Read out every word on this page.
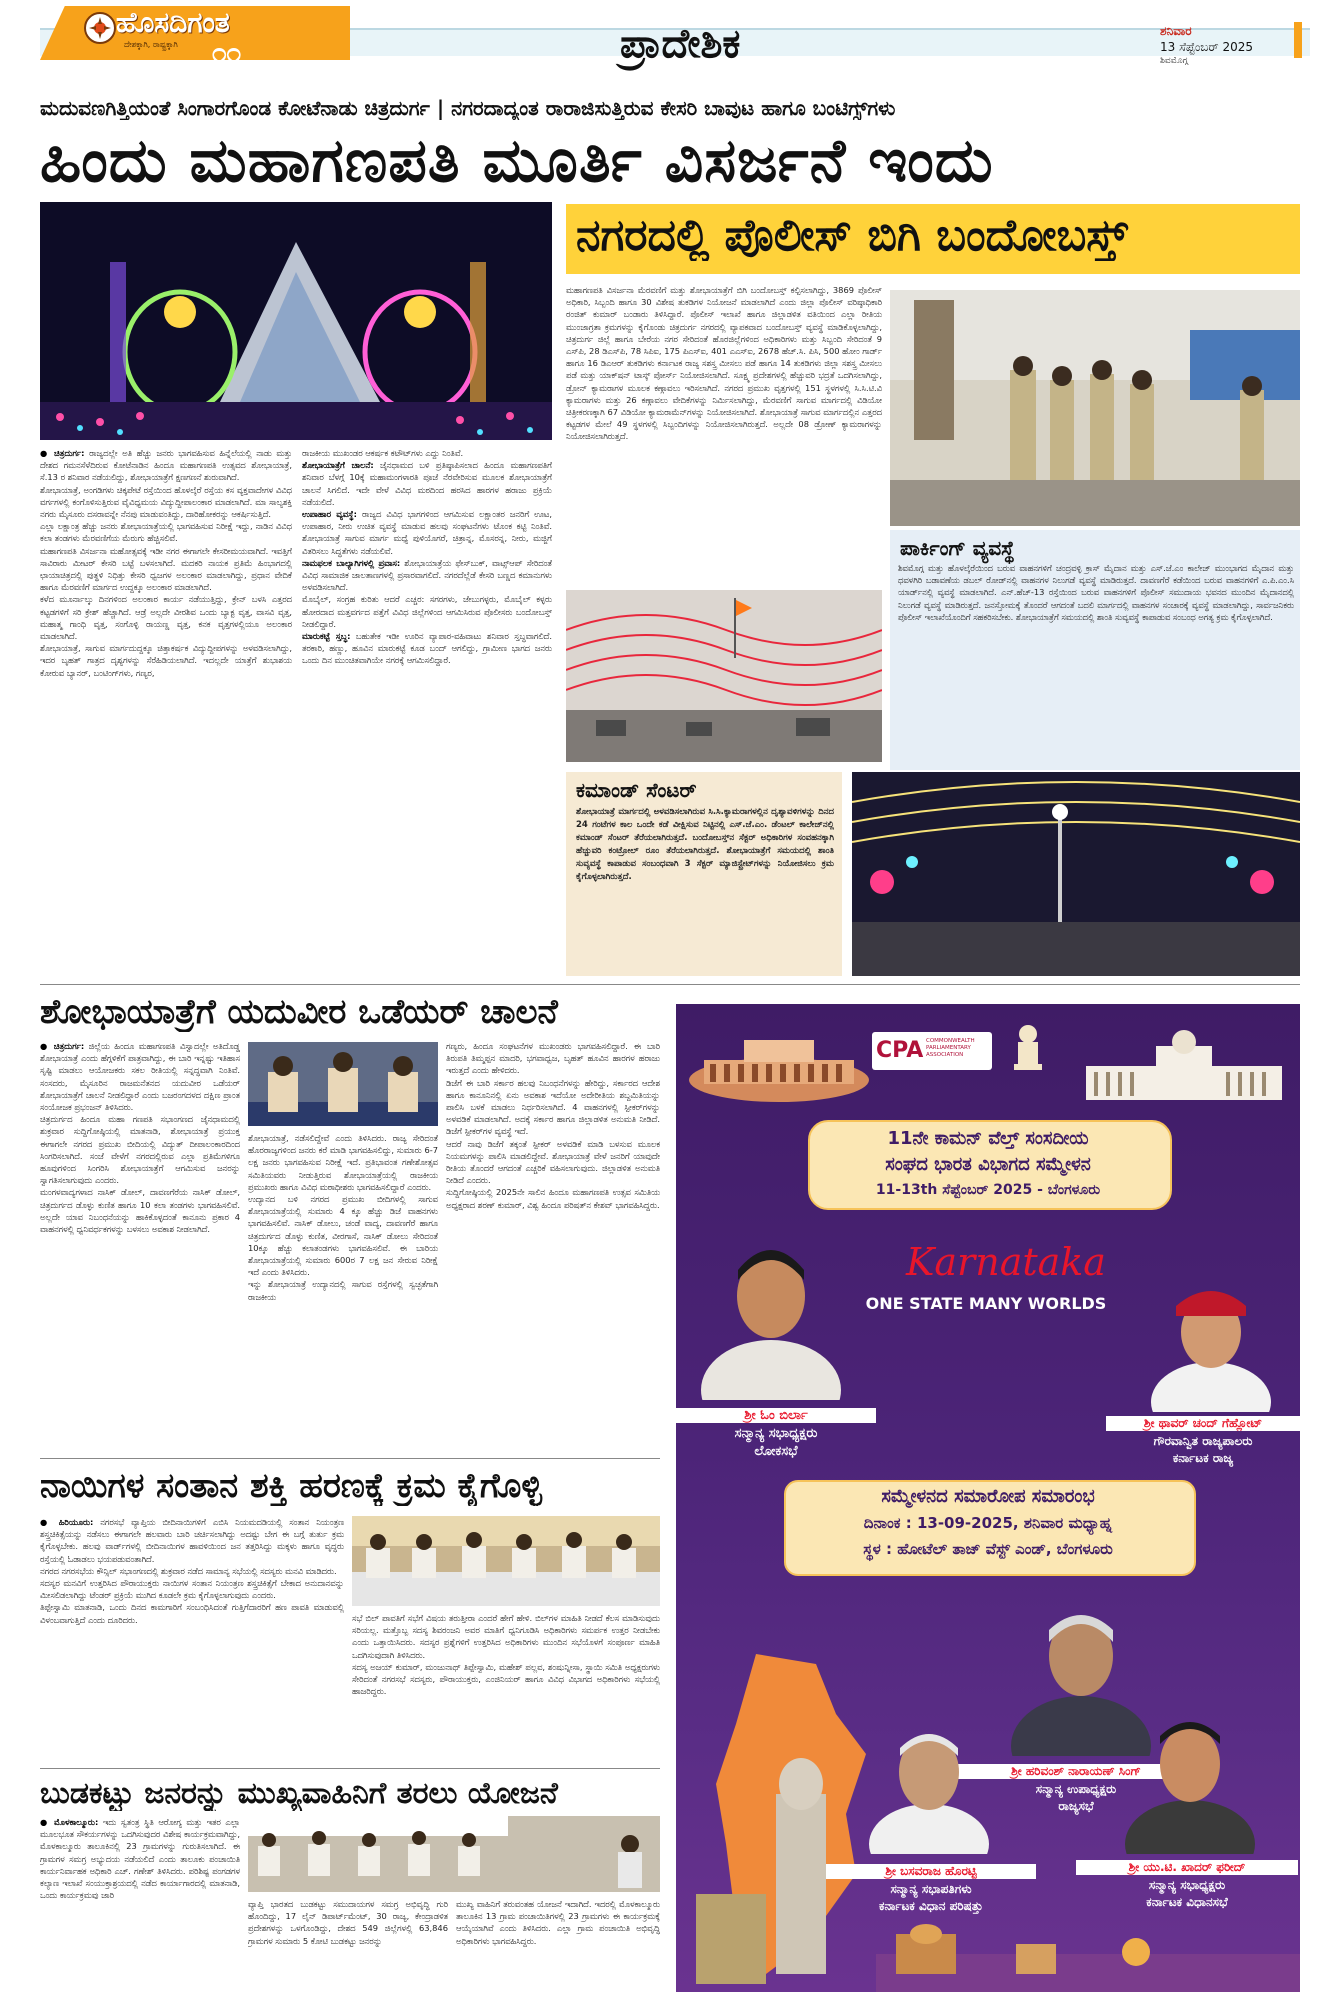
ಹೊಸದಿಗಂತ
ದೇಶಕ್ಕಾಗಿ, ರಾಷ್ಟ್ರಕ್ಕಾಗಿ ೧೧	ಪ್ರಾದೇಶಿಕ	ಶನಿವಾರ
13 ಸೆಪ್ಟೆಂಬರ್ 2025
ಶಿವಮೊಗ್ಗ
ಮದುವಣಗಿತ್ತಿಯಂತೆ ಸಿಂಗಾರಗೊಂಡ ಕೋಟೆನಾಡು ಚಿತ್ರದುರ್ಗ | ನಗರದಾದ್ಯಂತ ರಾರಾಜಿಸುತ್ತಿರುವ ಕೇಸರಿ ಬಾವುಟ ಹಾಗೂ ಬಂಟಿಗ್ಸ್‌ಗಳು
ಹಿಂದು ಮಹಾಗಣಪತಿ ಮೂರ್ತಿ ವಿಸರ್ಜನೆ ಇಂದು

● ಚಿತ್ರದುರ್ಗ: ರಾಜ್ಯದಲ್ಲೇ ಅತಿ ಹೆಚ್ಚು ಜನರು ಭಾಗವಹಿಸುವ ಹಿನ್ನೆಲೆಯಲ್ಲಿ ನಾಡು ಮತ್ತು ದೇಶದ ಗಮನಸೆಳೆದಿರುವ ಕೋಟೆನಾಡಿನ ಹಿಂದೂ ಮಹಾಗಣಪತಿ ಉತ್ಸವದ ಶೋಭಾಯಾತ್ರೆ, ಸೆ.13 ರ ಶನಿವಾರ ನಡೆಯಲಿದ್ದು, ಶೋಭಾಯಾತ್ರೆಗೆ ಕ್ಷಣಗಣನೆ ಶುರುವಾಗಿದೆ.
ಶೋಭಾಯಾತ್ರೆ, ಅಂಗಡಿಗಳು ಚಿಕ್ಕಪೇಟೆ ರಸ್ತೆಯಿಂದ ಹೊಳಲ್ಕೆರೆ ರಸ್ತೆಯ ಕಸ ವ್ಯಕ್ತವಾದೇಗಳ ವಿವಿಧ ವರ್ಗಗಳಲ್ಲಿ ಕಂಗೊಳಿಸುತ್ತಿರುವ ವೈವಿಧ್ಯಮಯ ವಿದ್ಯುದ್ದೀಪಾಲಂಕಾರ ಮಾಡಲಾಗಿದೆ. ಮಾ ಸಾಲ್ಯಶಕ್ತಿ ನಗರು ಮೈಸೂರು ದಸರಾವನ್ನೇ ನೆನಪು ಮಾಡುವಂತಿದ್ದು, ದಾರಿಹೋಕರನ್ನು ಆಕರ್ಷಿಸುತ್ತಿದೆ.
ಎಲ್ಲಾ ಲಕ್ಷಾಂತ್ರ ಹೆಚ್ಚು ಜನರು ಶೋಭಾಯಾತ್ರೆಯಲ್ಲಿ ಭಾಗವಹಿಸುವ ನಿರೀಕ್ಷೆ ಇದ್ದು, ನಾಡಿನ ವಿವಿಧ ಕಲಾ ತಂಡಗಳು ಮೆರವಣಿಗೆಯ ಮೆರುಗು ಹೆಚ್ಚಿಸಲಿವೆ.
ಮಹಾಗಣಪತಿ ವಿಸರ್ಜನಾ ಮಹೋತ್ಸವಕ್ಕೆ ಇಡೀ ನಗರ ಈಗಾಗಲೇ ಕೇಸರೀಮಯವಾಗಿದೆ. ಇವತ್ತಿಗೆ ಸಾವಿರಾರು ಮೀಟರ್ ಕೇಸರಿ ಬಟ್ಟೆ ಬಳಸಲಾಗಿದೆ. ಮದಕರಿ ನಾಯಕ ಪ್ರತಿಮೆ ಹಿಂಭಾಗದಲ್ಲಿ ಛಾಯಾಚಿತ್ರದಲ್ಲಿ ಪುತ್ಥಳಿ ನಿಧಿತ್ತು ಕೇಸರಿ ಧ್ವಜಗಳ ಅಲಂಕಾರ ಮಾಡಲಾಗಿದ್ದು, ಪ್ರಧಾನ ವೇದಿಕೆ ಹಾಗೂ ಮೆರವಣಿಗೆ ಮಾರ್ಗದ ಉದ್ದಕ್ಕೂ ಅಲಂಕಾರ ಮಾಡಲಾಗಿದೆ.
ಕಳೆದ ಮೂರ್ನಾಲ್ಕು ದಿನಗಳಿಂದ ಅಲಂಕಾರ ಕಾರ್ಯ ನಡೆಯುತ್ತಿದ್ದು, ಕ್ರೇನ್ ಬಳಸಿ ಎತ್ತರದ ಕಟ್ಟಡಗಳಿಗೆ ಸರಿ ಕ್ರೇಶ್ ಹೆಚ್ಚಾಗಿದೆ. ಆಡ್ರೆ ಅಲ್ಲದೇ ವೀರಶಿವ ಒಂದು ಬ್ಯಾಕ್ಟ ವೃತ್ತ, ವಾಸವಿ ವೃತ್ತ, ಮಹಾತ್ಮ ಗಾಂಧಿ ವೃತ್ತ, ಸಂಗೊಳ್ಳಿ ರಾಯಣ್ಣ ವೃತ್ತ, ಕನಕ ವೃತ್ತಗಳಲ್ಲಿಯೂ ಅಲಂಕಾರ ಮಾಡಲಾಗಿದೆ.
ಶೋಭಾಯಾತ್ರೆ, ಸಾಗುವ ಮಾರ್ಗದುದ್ದಕ್ಕೂ ಚಿತ್ತಾಕರ್ಷಕ ವಿದ್ಯುದ್ದೀಪಗಳನ್ನು ಅಳವಡಿಸಲಾಗಿದ್ದು, ಇದರ ಬೃಹತ್ ಗಾತ್ರದ ದೃಶ್ಯಗಳನ್ನು ಸೆರೆಹಿಡಿಯಲಾಗಿದೆ. ಇದಲ್ಲದೇ ಯಾತ್ರೆಗೆ ಶುಭಾಶಯ ಕೋರುವ ಬ್ಯಾನರ್, ಬಂಟಿಂಗ್‌ಗಳು, ಗಣ್ಯರ,

ರಾಜಕೀಯ ಮುಖಂಡರ ಆಕರ್ಷಕ ಕಟೌಟ್‌ಗಳು ಎದ್ದು ನಿಂತಿವೆ.
ಶೋಭಾಯಾತ್ರೆಗೆ ಚಾಲನೆ: ಜೈನಧಾಮದ ಬಳಿ ಪ್ರತಿಷ್ಠಾಪಿಸಲಾದ ಹಿಂದೂ ಮಹಾಗಣಪತಿಗೆ ಶನಿವಾರ ಬೆಳಗ್ಗೆ 10ಕ್ಕೆ ಮಹಾಮಂಗಳಾರತಿ ಪೂಜೆ ನೆರವೇರಿಸುವ ಮೂಲಕ ಶೋಭಾಯಾತ್ರೆಗೆ ಚಾಲನೆ ಸಿಗಲಿದೆ. ಇದೇ ವೇಳೆ ವಿವಿಧ ಮಠದಿಂದ ಹರಸಿದ ಹಾರಗಳ ಹರಾಜು ಪ್ರಕ್ರಿಯೆ ನಡೆಯಲಿದೆ.
ಉಪಾಹಾರ ವ್ಯವಸ್ಥೆ: ರಾಜ್ಯದ ವಿವಿಧ ಭಾಗಗಳಿಂದ ಆಗಮಿಸುವ ಲಕ್ಷಾಂತರ ಜನರಿಗೆ ಊಟ, ಉಪಾಹಾರ, ನೀರು ಉಚಿತ ವ್ಯವಸ್ಥೆ ಮಾಡುವ ಹಲವು ಸಂಘಟನೆಗಳು ಟೊಂಕ ಕಟ್ಟಿ ನಿಂತಿವೆ. ಶೋಭಾಯಾತ್ರೆ ಸಾಗುವ ಮಾರ್ಗ ಮಧ್ಯೆ ಪುಳಿಯೊಗರೆ, ಚಿತ್ರಾನ್ನ, ಮೊಸರನ್ನ, ನೀರು, ಮಜ್ಜಿಗೆ ವಿತರಿಸಲು ಸಿದ್ಧತೆಗಳು ನಡೆಯಲಿವೆ.
ನಾಮಫಲಕ ಬಾಲ್ಯಾಗಿಗಳಲ್ಲಿ ಪ್ರವಾಸ: ಶೋಭಾಯಾತ್ರೆಯ ಫೇಸ್‌ಬುಕ್, ವಾಟ್ಸ್‌ಆಪ್ ಸೇರಿದಂತೆ ವಿವಿಧ ಸಾಮಾಜಿಕ ಜಾಲತಾಣಗಳಲ್ಲಿ ಪ್ರಸಾರವಾಗಲಿದೆ. ನಗರದೆಲ್ಲೆಡೆ ಕೇಸರಿ ಬಣ್ಣದ ಕಮಾನುಗಳು ಅಳವಡಿಸಲಾಗಿದೆ.
ಮೊಬೈಲ್, ಸಂಗ್ರಹ ಕುರಿತು ಆದರೆ ಎಚ್ಚರ: ಸಗರಗಳು, ಜೇಬುಗಳ್ಳರು, ಮೊಬೈಲ್ ಕಳ್ಳರು ಹೋರದಾದ ಮತ್ತವರ್ಗದ ಪತ್ತೆಗೆ ವಿವಿಧ ಜಿಲ್ಲೆಗಳಿಂದ ಆಗಮಿಸಿರುವ ಪೊಲೀಸರು ಬಂದೋಬಸ್ತ್‌ ನೀಡಲಿದ್ದಾರೆ.
ಮಾರುಕಟ್ಟೆ ಸ್ತಬ್ಧ: ಬಹುತೇಕ ಇಡೀ ಊರಿನ ವ್ಯಾಪಾರ-ವಹಿವಾಟು ಶನಿವಾರ ಸ್ತಬ್ಧವಾಗಲಿದೆ. ತರಕಾರಿ, ಹಣ್ಣು, ಹೂವಿನ ಮಾರುಕಟ್ಟೆ ಕೂಡ ಬಂದ್ ಆಗಲಿದ್ದು, ಗ್ರಾಮೀಣ ಭಾಗದ ಜನರು ಒಂದು ದಿನ ಮುಂಚಿತವಾಗಿಯೇ ನಗರಕ್ಕೆ ಆಗಮಿಸಲಿದ್ದಾರೆ.

ನಗರದಲ್ಲಿ ಪೊಲೀಸ್ ಬಿಗಿ ಬಂದೋಬಸ್ತ್

ಮಹಾಗಣಪತಿ ವಿಸರ್ಜನಾ ಮೆರವಣಿಗೆ ಮತ್ತು ಶೋಭಾಯಾತ್ರೆಗೆ ಬಿಗಿ ಬಂದೋಬಸ್ತ್ ಕಲ್ಪಿಸಲಾಗಿದ್ದು, 3869 ಪೊಲೀಸ್ ಅಧಿಕಾರಿ, ಸಿಬ್ಬಂದಿ ಹಾಗೂ 30 ವಿಶೇಷ ತುಕಡಿಗಳ ನಿಯೋಜನೆ ಮಾಡಲಾಗಿದೆ ಎಂದು ಜಿಲ್ಲಾ ಪೊಲೀಸ್ ವರಿಷ್ಠಾಧಿಕಾರಿ ರಂಜಿತ್ ಕುಮಾರ್ ಬಂಡಾರು ತಿಳಿಸಿದ್ದಾರೆ. ಪೊಲೀಸ್ ಇಲಾಖೆ ಹಾಗೂ ಜಿಲ್ಲಾಡಳಿತ ವತಿಯಿಂದ ಎಲ್ಲಾ ರೀತಿಯ ಮುಂಜಾಗ್ರತಾ ಕ್ರಮಗಳನ್ನು ಕೈಗೊಂಡು ಚಿತ್ರದುರ್ಗ ನಗರದಲ್ಲಿ ವ್ಯಾಪಕವಾದ ಬಂದೋಬಸ್ತ್ ವ್ಯವಸ್ಥೆ ಮಾಡಿಕೊಳ್ಳಲಾಗಿದ್ದು, ಚಿತ್ರದುರ್ಗ ಜಿಲ್ಲೆ ಹಾಗೂ ಬೇರೆಯ ನಗರ ಸೇರಿದಂತೆ ಹೊರಜಿಲ್ಲೆಗಳಿಂದ ಅಧಿಕಾರಿಗಳು ಮತ್ತು ಸಿಬ್ಬಂದಿ ಸೇರಿದಂತೆ 9 ಎಸ್‌ಪಿ, 28 ಡಿಎಸ್‌ಪಿ, 78 ಸಿಪಿಐ, 175 ಪಿಎಸ್‌ಐ, 401 ಎಎಸ್‌ಐ, 2678 ಹೆಚ್.ಸಿ. ಪಿಸಿ, 500 ಹೋಂ ಗಾರ್ಡ್ ಹಾಗೂ 16 ಡಿಎಆರ್ ತುಕಡಿಗಳು ಕರ್ನಾಟಕ ರಾಜ್ಯ ಸಶಸ್ತ್ರ ಮೀಸಲು ಪಡೆ ಹಾಗೂ 14 ತುಕಡಿಗಳು ಜಿಲ್ಲಾ ಸಶಸ್ತ್ರ ಮೀಸಲು ಪಡೆ ಮತ್ತು ಯಾಕ್‌ಷನ್ ಟಾಸ್ಕ್ ಪೋರ್ಸ್ ನಿಯೋಜಿಸಲಾಗಿದೆ. ಸೂಕ್ಷ್ಮ ಪ್ರದೇಶಗಳಲ್ಲಿ ಹೆಚ್ಚುವರಿ ಭದ್ರತೆ ಒದಗಿಸಲಾಗಿದ್ದು, ಡ್ರೋನ್ ಕ್ಯಾಮರಾಗಳ ಮೂಲಕ ಕಣ್ಗಾವಲು ಇರಿಸಲಾಗಿದೆ. ನಗರದ ಪ್ರಮುಖ ವೃತ್ತಗಳಲ್ಲಿ 151 ಸ್ಥಳಗಳಲ್ಲಿ ಸಿ.ಸಿ.ಟಿ.ವಿ ಕ್ಯಾಮರಾಗಳು ಮತ್ತು 26 ಕಣ್ಗಾವಲು ವೇದಿಕೆಗಳನ್ನು ನಿರ್ಮಿಸಲಾಗಿದ್ದು, ಮೆರವಣಿಗೆ ಸಾಗುವ ಮಾರ್ಗದಲ್ಲಿ ವಿಡಿಯೋ ಚಿತ್ರೀಕರಣಕ್ಕಾಗಿ 67 ವಿಡಿಯೋ ಕ್ಯಾಮರಾಮೆನ್‌ಗಳನ್ನು ನಿಯೋಜಿಸಲಾಗಿದೆ. ಶೋಭಾಯಾತ್ರೆ ಸಾಗುವ ಮಾರ್ಗದಲ್ಲಿನ ಎತ್ತರದ ಕಟ್ಟಡಗಳ ಮೇಲೆ 49 ಸ್ಥಳಗಳಲ್ಲಿ ಸಿಬ್ಬಂದಿಗಳನ್ನು ನಿಯೋಜಿಸಲಾಗಿರುತ್ತದೆ. ಅಲ್ಲದೇ 08 ಡ್ರೋಣ್ ಕ್ಯಾಮರಾಗಳನ್ನು ನಿಯೋಜಿಸಲಾಗಿರುತ್ತದೆ.

ಪಾರ್ಕಿಂಗ್ ವ್ಯವಸ್ಥೆ

ಶಿವಮೊಗ್ಗ ಮತ್ತು ಹೊಳಲ್ಕೆರೆಯಿಂದ ಬರುವ ವಾಹನಗಳಿಗೆ ಚಂದ್ರವಳ್ಳಿ ಕ್ರಾಸ್ ಮೈದಾನ ಮತ್ತು ಎಸ್.ಜೆ.ಎಂ ಕಾಲೇಜ್ ಮುಂಭಾಗದ ಮೈದಾನ ಮತ್ತು ಧವಳಗಿರಿ ಬಡಾವಣೆಯ ಡಬಲ್ ರೋಡ್‌ನಲ್ಲಿ ವಾಹನಗಳ ನಿಲುಗಡೆ ವ್ಯವಸ್ಥೆ ಮಾಡಿರುತ್ತದೆ. ದಾವಣಗೆರೆ ಕಡೆಯಿಂದ ಬರುವ ವಾಹನಗಳಿಗೆ ಎ.ಪಿ.ಎಂ.ಸಿ ಯಾರ್ಡ್‌ನಲ್ಲಿ ವ್ಯವಸ್ಥೆ ಮಾಡಲಾಗಿದೆ. ಎನ್.ಹೆಚ್-13 ರಸ್ತೆಯಿಂದ ಬರುವ ವಾಹನಗಳಿಗೆ ಪೊಲೀಸ್ ಸಮುದಾಯ ಭವನದ ಮುಂದಿನ ಮೈದಾನದಲ್ಲಿ ನಿಲುಗಡೆ ವ್ಯವಸ್ಥೆ ಮಾಡಿರುತ್ತದೆ. ಜನಸ್ತೋಮಕ್ಕೆ ತೊಂದರೆ ಆಗದಂತೆ ಬದಲಿ ಮಾರ್ಗದಲ್ಲಿ ವಾಹನಗಳ ಸಂಚಾರಕ್ಕೆ ವ್ಯವಸ್ಥೆ ಮಾಡಲಾಗಿದ್ದು, ಸಾರ್ವಜನಿಕರು ಪೊಲೀಸ್ ಇಲಾಖೆಯೊಂದಿಗೆ ಸಹಕರಿಸಬೇಕು. ಶೋಭಾಯಾತ್ರೆಗೆ ಸಮಯದಲ್ಲಿ ಶಾಂತಿ ಸುವ್ಯವಸ್ಥೆ ಕಾಪಾಡುವ ಸಂಬಂಧ ಅಗತ್ಯ ಕ್ರಮ ಕೈಗೊಳ್ಳಲಾಗಿದೆ.

ಕಮಾಂಡ್ ಸೆಂಟರ್

ಶೋಭಾಯಾತ್ರೆ ಮಾರ್ಗದಲ್ಲಿ ಅಳವಡಿಸಲಾಗಿರುವ ಸಿ.ಸಿ.ಕ್ಯಾಮರಾಗಳಲ್ಲಿನ ದೃಶ್ಯಾವಳಿಗಳನ್ನು ದಿನದ 24 ಗಂಟೆಗಳ ಕಾಲ ಒಂದೇ ಕಡೆ ವೀಕ್ಷಿಸುವ ನಿಟ್ಟಿನಲ್ಲಿ ಎಸ್.ಜೆ.ಎಂ. ಡೆಂಟಲ್ ಕಾಲೇಜ್‌ನಲ್ಲಿ ಕಮಾಂಡ್ ಸೆಂಟರ್ ತೆರೆಯಲಾಗಿರುತ್ತದೆ. ಬಂದೋಬಸ್ತ್‌ನ ಸೆಕ್ಟರ್ ಅಧಿಕಾರಿಗಳ ಸಂವಹನಕ್ಕಾಗಿ ಹೆಚ್ಚುವರಿ ಕಂಟ್ರೋಲ್ ರೂಂ ತೆರೆಯಲಾಗಿರುತ್ತದೆ. ಶೋಭಾಯಾತ್ರೆಗೆ ಸಮಯದಲ್ಲಿ ಶಾಂತಿ ಸುವ್ಯವಸ್ಥೆ ಕಾಪಾಡುವ ಸಂಬಂಧವಾಗಿ 3 ಸೆಕ್ಟರ್ ಮ್ಯಾಜಿಸ್ಟ್ರೇಟ್‌ಗಳನ್ನು ನಿಯೋಜಿಸಲು ಕ್ರಮ ಕೈಗೊಳ್ಳಲಾಗಿರುತ್ತದೆ.

ಶೋಭಾಯಾತ್ರೆಗೆ ಯದುವೀರ ಒಡೆಯರ್ ಚಾಲನೆ

● ಚಿತ್ರದುರ್ಗ: ಜಿಲ್ಲೆಯ ಹಿಂದೂ ಮಹಾಗಣಪತಿ ವಿಸ್ವಾದಲ್ಲೇ ಅತಿದೊಡ್ಡ ಶೋಭಾಯಾತ್ರೆ ಎಂದು ಹೆಗ್ಗಳಿಕೆಗೆ ಪಾತ್ರವಾಗಿದ್ದು, ಈ ಬಾರಿ ಇನ್ನಷ್ಟು ಇತಿಹಾಸ ಸೃಷ್ಟಿ ಮಾಡಲು ಆಯೋಜಕರು ಸಕಲ ರೀತಿಯಲ್ಲಿ ಸನ್ನದ್ಧವಾಗಿ ನಿಂತಿವೆ. ಸಂಸದರು, ಮೈಸೂರಿನ ರಾಜಮನೆತನದ ಯದುವೀರ ಒಡೆಯರ್ ಶೋಭಾಯಾತ್ರೆಗೆ ಚಾಲನೆ ನೀಡಲಿದ್ದಾರೆ ಎಂದು ಬಜರಂಗದಳದ ದಕ್ಷಿಣ ಪ್ರಾಂತ ಸಂಯೋಜಕ ಪ್ರಭಂಜನ್ ತಿಳಿಸಿದರು.
ಚಿತ್ರದುರ್ಗದ ಹಿಂದೂ ಮಹಾ ಗಣಪತಿ ಸಭಾಂಗಣದ ಜೈನಧಾಮದಲ್ಲಿ ಶುಕ್ರವಾರ ಸುದ್ದಿಗೋಷ್ಠಿಯಲ್ಲಿ ಮಾತನಾಡಿ, ಶೋಭಾಯಾತ್ರೆ ಪ್ರಯುಕ್ತ ಈಗಾಗಲೇ ನಗರದ ಪ್ರಮುಖ ಬೀದಿಯಲ್ಲಿ ವಿದ್ಯುತ್ ದೀಪಾಲಂಕಾರದಿಂದ ಸಿಂಗರಿಸಲಾಗಿದೆ. ಸಂಜೆ ವೇಳೆಗೆ ನಗರದಲ್ಲಿರುವ ಎಲ್ಲಾ ಪ್ರತಿಮೆಗಳಿಗೂ ಹೂವುಗಳಿಂದ ಸಿಂಗರಿಸಿ ಶೋಭಾಯಾತ್ರೆಗೆ ಆಗಮಿಸುವ ಜನರನ್ನು ಸ್ವಾಗತಿಸಲಾಗುವುದು ಎಂದರು.
ಮಂಗಳವಾದ್ಯಗಳಾದ ನಾಸಿಕ್ ಡೋಲ್, ದಾವಣಗೆರೆಯ ನಾಸಿಕ್ ಡೋಲ್, ಚಿತ್ರದುರ್ಗದ ಡೊಳ್ಳು ಕುಣಿತ ಹಾಗೂ 10 ಕಲಾ ತಂಡಗಳು ಭಾಗವಹಿಸಲಿವೆ. ಅಲ್ಲದೇ ಯಾವ ನಿಬಂಧನೆಯನ್ನು ಹಾಕಿಕೊಳ್ಳದಂತೆ ಕಾನೂನು ಪ್ರಕಾರ 4 ವಾಹನಗಳಲ್ಲಿ ಧ್ವನಿವರ್ಧಕಗಳನ್ನು ಬಳಸಲು ಅವಕಾಶ ನೀಡಲಾಗಿದೆ.

ಶೋಭಾಯಾತ್ರೆ, ನಡೆಸಲಿದ್ದೇವೆ ಎಂದು ತಿಳಿಸಿದರು. ರಾಜ್ಯ ಸೇರಿದಂತೆ ಹೊರರಾಜ್ಯಗಳಿಂದ ಜನರು ಕರೆ ಮಾಡಿ ಭಾಗವಹಿಸಲಿದ್ದು, ಸುಮಾರು 6-7 ಲಕ್ಷ ಜನರು ಭಾಗವಹಿಸುವ ನಿರೀಕ್ಷೆ ಇದೆ. ಪ್ರತಿಭಾವಂತ ಗಣೇಶೋತ್ಸವ ಸಮಿತಿಯವರು ನೀಡುತ್ತಿರುವ ಶೋಭಾಯಾತ್ರೆಯಲ್ಲಿ ರಾಜಕೀಯ ಪ್ರಮುಖರು ಹಾಗೂ ವಿವಿಧ ಮಠಾಧೀಶರು ಭಾಗವಹಿಸಲಿದ್ದಾರೆ ಎಂದರು.
ಉದ್ಯಾನದ ಬಳಿ ನಗರದ ಪ್ರಮುಖ ಬೀದಿಗಳಲ್ಲಿ ಸಾಗುವ ಶೋಭಾಯಾತ್ರೆಯಲ್ಲಿ ಸುಮಾರು 4 ಕ್ಕೂ ಹೆಚ್ಚು ಡಿಜೆ ವಾಹನಗಳು ಭಾಗವಹಿಸಲಿವೆ. ನಾಸಿಕ್ ಡೋಲು, ಚಂಡೆ ವಾದ್ಯ, ದಾವಣಗೆರೆ ಹಾಗೂ ಚಿತ್ರದುರ್ಗದ ಡೊಳ್ಳು ಕುಣಿತ, ವೀರಗಾಸೆ, ನಾಸಿಕ್ ಡೋಲು ಸೇರಿದಂತೆ 10ಕ್ಕೂ ಹೆಚ್ಚು ಕಲಾತಂಡಗಳು ಭಾಗವಹಿಸಲಿವೆ. ಈ ಬಾರಿಯ ಶೋಭಾಯಾತ್ರೆಯಲ್ಲಿ ಸುಮಾರು 600ರ 7 ಲಕ್ಷ ಜನ ಸೇರುವ ನಿರೀಕ್ಷೆ ಇದೆ ಎಂದು ತಿಳಿಸಿದರು.
ಇನ್ನು ಶೋಭಾಯಾತ್ರೆ ಉದ್ಯಾನದಲ್ಲಿ ಸಾಗುವ ರಸ್ತೆಗಳಲ್ಲಿ ಸ್ವಚ್ಛತೆಗಾಗಿ ರಾಜಕೀಯ

ಗಣ್ಯರು, ಹಿಂದೂ ಸಂಘಟನೆಗಳ ಮುಖಂಡರು ಭಾಗವಹಿಸಲಿದ್ದಾರೆ. ಈ ಬಾರಿ ತಿರುಪತಿ ತಿಮ್ಮಪ್ಪನ ಮಾದರಿ, ಭಗವಾಧ್ವಜ, ಬೃಹತ್ ಹೂವಿನ ಹಾರಗಳ ಹರಾಜು ಇರುತ್ತದೆ ಎಂದು ಹೇಳಿದರು.
ಡಿಜೆಗೆ ಈ ಬಾರಿ ಸರ್ಕಾರ ಹಲವು ನಿಬಂಧನೆಗಳನ್ನು ಹೇರಿದ್ದು, ಸರ್ಕಾರದ ಆದೇಶ ಹಾಗೂ ಕಾನೂನಿನಲ್ಲಿ ಏನು ಅವಕಾಶ ಇದೆಯೋ ಅದೇರೀತಿಯ ಶಬ್ದಮಿತಿಯನ್ನು ಪಾಲಿಸಿ ಬಳಕೆ ಮಾಡಲು ನಿರ್ಧರಿಸಲಾಗಿದೆ. 4 ವಾಹನಗಳಲ್ಲಿ ಸ್ಪೀಕರ್‌ಗಳನ್ನು ಅಳವಡಿಕೆ ಮಾಡಲಾಗಿದೆ. ಅದಕ್ಕೆ ಸರ್ಕಾರ ಹಾಗೂ ಜಿಲ್ಲಾಡಳಿತ ಅನುಮತಿ ನೀಡಿದೆ. ಡಿಜೆಗೆ ಸ್ಪೀಕರ್‌ಗಳ ವ್ಯವಸ್ಥೆ ಇದೆ.
ಆದರೆ ನಾವು ಡಿಜೆಗೆ ತಕ್ಕಂತೆ ಸ್ಪೀಕರ್ ಅಳವಡಿಕೆ ಮಾಡಿ ಬಳಸುವ ಮೂಲಕ ನಿಯಮಗಳನ್ನು ಪಾಲಿಸಿ ಮಾಡಲಿದ್ದೇವೆ. ಶೋಭಾಯಾತ್ರೆ ವೇಳೆ ಜನರಿಗೆ ಯಾವುದೇ ರೀತಿಯ ತೊಂದರೆ ಆಗದಂತೆ ಎಚ್ಚರಿಕೆ ವಹಿಸಲಾಗುವುದು. ಜಿಲ್ಲಾಡಳಿತ ಅನುಮತಿ ನೀಡಿದೆ ಎಂದರು.
ಸುದ್ದಿಗೋಷ್ಠಿಯಲ್ಲಿ 2025ನೇ ಸಾಲಿನ ಹಿಂದೂ ಮಹಾಗಣಪತಿ ಉತ್ಸವ ಸಮಿತಿಯ ಅಧ್ಯಕ್ಷರಾದ ಶರಣ್ ಕುಮಾರ್, ವಿಶ್ವ ಹಿಂದೂ ಪರಿಷತ್‌ನ ಕೇಶವ್ ಭಾಗವಹಿಸಿದ್ದರು.

ನಾಯಿಗಳ ಸಂತಾನ ಶಕ್ತಿ ಹರಣಕ್ಕೆ ಕ್ರಮ ಕೈಗೊಳ್ಳಿ

● ಹಿರಿಯೂರು: ನಗರಸಭೆ ವ್ಯಾಪ್ತಿಯ ಬೀದಿನಾಯಿಗಳಿಗೆ ಎಬಿಸಿ ನಿಯಮದಡಿಯಲ್ಲಿ ಸಂತಾನ ನಿಯಂತ್ರಣ ಶಸ್ತ್ರಚಿಕಿತ್ಸೆಯನ್ನು ನಡೆಸಲು ಈಗಾಗಲೇ ಹಲವಾರು ಬಾರಿ ಚರ್ಚಿಸಲಾಗಿದ್ದು ಅದಷ್ಟು ಬೇಗ ಈ ಬಗ್ಗೆ ತುರ್ತು ಕ್ರಮ ಕೈಗೊಳ್ಳಬೇಕು. ಹಲವು ವಾರ್ಡ್‌ಗಳಲ್ಲಿ ಬೀದಿನಾಯಿಗಳ ಹಾವಳಿಯಿಂದ ಜನ ತತ್ತರಿಸಿದ್ದು ಮಕ್ಕಳು ಹಾಗೂ ವೃದ್ಧರು ರಸ್ತೆಯಲ್ಲಿ ಓಡಾಡಲು ಭಯಪಡುವಂತಾಗಿದೆ.
ನಗರದ ನಗರಸಭೆಯ ಕೌನ್ಸಿಲ್ ಸಭಾಂಗಣದಲ್ಲಿ ಶುಕ್ರವಾರ ನಡೆದ ಸಾಮಾನ್ಯ ಸಭೆಯಲ್ಲಿ ಸದಸ್ಯರು ಮನವಿ ಮಾಡಿದರು.
ಸದಸ್ಯರ ಮನವಿಗೆ ಉತ್ತರಿಸಿದ ಪೌರಾಯುಕ್ತರು ನಾಯಿಗಳ ಸಂತಾನ ನಿಯಂತ್ರಣ ಶಸ್ತ್ರಚಿಕಿತ್ಸೆಗೆ ಬೇಕಾದ ಅನುದಾನವನ್ನು ಮೀಸಲಿಡಲಾಗಿದ್ದು ಟೆಂಡರ್ ಪ್ರಕ್ರಿಯೆ ಮುಗಿದ ಕೂಡಲೇ ಕ್ರಮ ಕೈಗೊಳ್ಳಲಾಗುವುದು ಎಂದರು.
ತಿಪ್ಪೇಸ್ವಾಮಿ ಮಾತನಾಡಿ, ಒಂದು ದಿನದ ಕಾಮಗಾರಿಗೆ ಸಂಬಂಧಿಸಿದಂತೆ ಗುತ್ತಿಗೆದಾರರಿಗೆ ಹಣ ಪಾವತಿ ಮಾಡುವಲ್ಲಿ ವಿಳಂಬವಾಗುತ್ತಿದೆ ಎಂದು ದೂರಿದರು.	ಸಭೆ ಬಿಲ್ ಪಾವತಿಗೆ ಸಭೆಗೆ ವಿಷಯ ತರುತ್ತೀರಾ ಎಂದರೆ ಹೇಗೆ ಹೇಳಿ. ಬಿಲ್‌ಗಳ ಮಾಹಿತಿ ನೀಡದೆ ಕೆಲಸ ಮಾಡಿಸುವುದು ಸರಿಯಲ್ಲ. ಮತ್ತೊಬ್ಬ ಸದಸ್ಯ ಶಿವರಂಜನಿ ಅವರ ಮಾತಿಗೆ ಧ್ವನಿಗೂಡಿಸಿ ಅಧಿಕಾರಿಗಳು ಸಮರ್ಪಕ ಉತ್ತರ ನೀಡಬೇಕು ಎಂದು ಒತ್ತಾಯಿಸಿದರು. ಸದಸ್ಯರ ಪ್ರಶ್ನೆಗಳಿಗೆ ಉತ್ತರಿಸಿದ ಅಧಿಕಾರಿಗಳು ಮುಂದಿನ ಸಭೆಯೊಳಗೆ ಸಂಪೂರ್ಣ ಮಾಹಿತಿ ಒದಗಿಸುವುದಾಗಿ ತಿಳಿಸಿದರು.
ಸದಸ್ಯ ಅಜಯ್ ಕುಮಾರ್, ಮಂಜುನಾಥ್ ತಿಪ್ಪೇಸ್ವಾಮಿ, ಮಹೇಶ್ ಪಲ್ಲವ, ಶಂಷುನ್ನೀಸಾ, ಸ್ಥಾಯಿ ಸಮಿತಿ ಅಧ್ಯಕ್ಷರುಗಳು ಸೇರಿದಂತೆ ನಗರಸಭೆ ಸದಸ್ಯರು, ಪೌರಾಯುಕ್ತರು, ಎಂಜಿನಿಯರ್ ಹಾಗೂ ವಿವಿಧ ವಿಭಾಗದ ಅಧಿಕಾರಿಗಳು ಸಭೆಯಲ್ಲಿ ಹಾಜರಿದ್ದರು.

ಬುಡಕಟ್ಟು ಜನರನ್ನು ಮುಖ್ಯವಾಹಿನಿಗೆ ತರಲು ಯೋಜನೆ

● ಮೊಳಕಾಲ್ಮೂರು: ಇದು ಸ್ವತಂತ್ರ ಸ್ಥಿತಿ ಆರೋಗ್ಯ ಮತ್ತು ಇತರ ಎಲ್ಲಾ ಮೂಲಭೂತ ಸೌಕರ್ಯಗಳನ್ನು ಒದಗಿಸುವುದರ ವಿಶೇಷ ಕಾರ್ಯಕ್ರಮವಾಗಿದ್ದು, ಮೊಳಕಾಲ್ಮೂರು ತಾಲೂಕಿನಲ್ಲಿ 23 ಗ್ರಾಮಗಳನ್ನು ಗುರುತಿಸಲಾಗಿದೆ. ಈ ಗ್ರಾಮಗಳ ಸಮಗ್ರ ಅಭ್ಯುದಯ ನಡೆಯಲಿದೆ ಎಂದು ತಾಲೂಕು ಪಂಚಾಯಿತಿ ಕಾರ್ಯನಿರ್ವಾಹಕ ಅಧಿಕಾರಿ ಎಚ್. ಗಣೇಶ್ ತಿಳಿಸಿದರು. ಪರಿಶಿಷ್ಟ ಪಂಗಡಗಳ ಕಲ್ಯಾಣ ಇಲಾಖೆ ಸಂಯುಕ್ತಾಶ್ರಯದಲ್ಲಿ ನಡೆದ ಕಾರ್ಯಾಗಾರದಲ್ಲಿ ಮಾತನಾಡಿ, ಒಂದು ಕಾರ್ಯಕ್ರಮವು ಜಾರಿ

ವ್ಯಾಪ್ತಿ ಭಾರತದ ಬುಡಕಟ್ಟು ಸಮುದಾಯಗಳ ಸಮಗ್ರ ಅಭಿವೃದ್ಧಿ ಗುರಿ ಹೊಂದಿದ್ದು, 17 ಲೈನ್ ಡಿಪಾರ್ಟ್‌ಮೆಂಟ್, 30 ರಾಜ್ಯ, ಕೇಂದ್ರಾಡಳಿತ ಪ್ರದೇಶಗಳನ್ನು ಒಳಗೊಂಡಿದ್ದು, ದೇಶದ 549 ಜಿಲ್ಲೆಗಳಲ್ಲಿ 63,846 ಗ್ರಾಮಗಳ ಸುಮಾರು 5 ಕೋಟಿ ಬುಡಕಟ್ಟು ಜನರನ್ನು

ಮುಖ್ಯ ವಾಹಿನಿಗೆ ತರುವಂತಹ ಯೋಜನೆ ಇದಾಗಿದೆ. ಇದರಲ್ಲಿ ಮೊಳಕಾಲ್ಮೂರು ತಾಲೂಕಿನ 13 ಗ್ರಾಮ ಪಂಚಾಯಿತಿಗಳಲ್ಲಿ 23 ಗ್ರಾಮಗಳು ಈ ಕಾರ್ಯಕ್ರಮಕ್ಕೆ ಆಯ್ಕೆಯಾಗಿವೆ ಎಂದು ತಿಳಿಸಿದರು. ಎಲ್ಲಾ ಗ್ರಾಮ ಪಂಚಾಯಿತಿ ಅಭಿವೃದ್ಧಿ ಅಧಿಕಾರಿಗಳು ಭಾಗವಹಿಸಿದ್ದರು.

CPA COMMONWEALTH PARLIAMENTARY ASSOCIATION
11ನೇ ಕಾಮನ್ ವೆಲ್ತ್ ಸಂಸದೀಯ
ಸಂಘದ ಭಾರತ ವಿಭಾಗದ ಸಮ್ಮೇಳನ
11-13th ಸೆಪ್ಟೆಂಬರ್ 2025 - ಬೆಂಗಳೂರು
ಶ್ರೀ ಓಂ ಬಿರ್ಲಾ
ಸನ್ಮಾನ್ಯ ಸಭಾಧ್ಯಕ್ಷರು
ಲೋಕಸಭೆ
Karnataka
ONE STATE MANY WORLDS
ಶ್ರೀ ಥಾವರ್ ಚಂದ್ ಗೆಹ್ಲೋಟ್
ಗೌರವಾನ್ವಿತ ರಾಜ್ಯಪಾಲರು
ಕರ್ನಾಟಕ ರಾಜ್ಯ
ಸಮ್ಮೇಳನದ ಸಮಾರೋಪ ಸಮಾರಂಭ
ದಿನಾಂಕ : 13-09-2025, ಶನಿವಾರ ಮಧ್ಯಾಹ್ನ
ಸ್ಥಳ : ಹೋಟೆಲ್ ತಾಜ್ ವೆಸ್ಟ್ ಎಂಡ್, ಬೆಂಗಳೂರು
ಶ್ರೀ ಹರಿವಂಶ್ ನಾರಾಯಣ್ ಸಿಂಗ್
ಸನ್ಮಾನ್ಯ ಉಪಾಧ್ಯಕ್ಷರು
ರಾಜ್ಯಸಭೆ
ಶ್ರೀ ಬಸವರಾಜ ಹೊರಟ್ಟಿ
ಸನ್ಮಾನ್ಯ ಸಭಾಪತಿಗಳು
ಕರ್ನಾಟಕ ವಿಧಾನ ಪರಿಷತ್ತು
ಶ್ರೀ ಯು.ಟಿ. ಖಾದರ್ ಫರೀದ್
ಸನ್ಮಾನ್ಯ ಸಭಾಧ್ಯಕ್ಷರು
ಕರ್ನಾಟಕ ವಿಧಾನಸಭೆ
